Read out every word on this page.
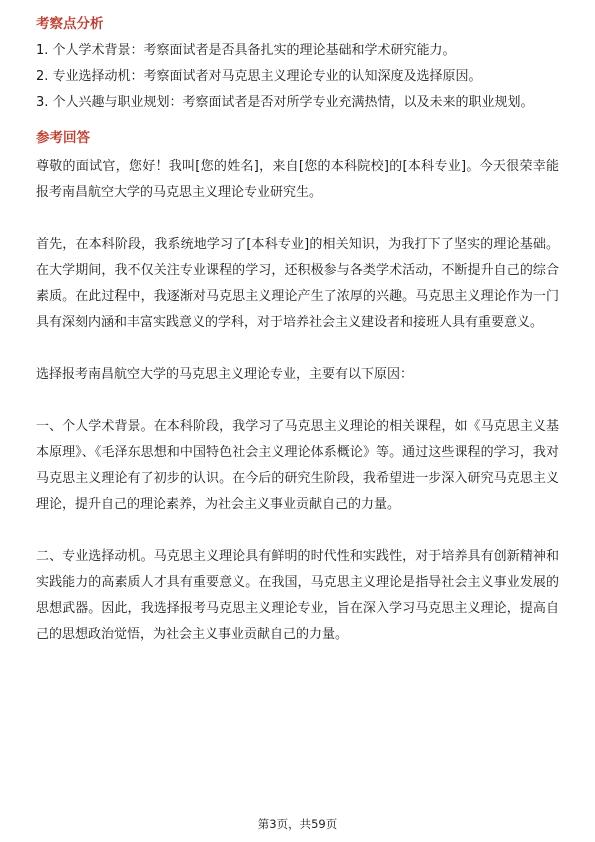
考察点分析
1. 个人学术背景：考察面试者是否具备扎实的理论基础和学术研究能力。
2. 专业选择动机：考察面试者对马克思主义理论专业的认知深度及选择原因。
3. 个人兴趣与职业规划：考察面试者是否对所学专业充满热情，以及未来的职业规划。
参考回答
尊敬的面试官，您好！我叫[您的姓名]，来自[您的本科院校]的[本科专业]。今天很荣幸能报考南昌航空大学的马克思主义理论专业研究生。
首先，在本科阶段，我系统地学习了[本科专业]的相关知识，为我打下了坚实的理论基础。在大学期间，我不仅关注专业课程的学习，还积极参与各类学术活动，不断提升自己的综合素质。在此过程中，我逐渐对马克思主义理论产生了浓厚的兴趣。马克思主义理论作为一门具有深刻内涵和丰富实践意义的学科，对于培养社会主义建设者和接班人具有重要意义。
选择报考南昌航空大学的马克思主义理论专业，主要有以下原因：
一、个人学术背景。在本科阶段，我学习了马克思主义理论的相关课程，如《马克思主义基本原理》、《毛泽东思想和中国特色社会主义理论体系概论》等。通过这些课程的学习，我对马克思主义理论有了初步的认识。在今后的研究生阶段，我希望进一步深入研究马克思主义理论，提升自己的理论素养，为社会主义事业贡献自己的力量。
二、专业选择动机。马克思主义理论具有鲜明的时代性和实践性，对于培养具有创新精神和实践能力的高素质人才具有重要意义。在我国，马克思主义理论是指导社会主义事业发展的思想武器。因此，我选择报考马克思主义理论专业，旨在深入学习马克思主义理论，提高自己的思想政治觉悟，为社会主义事业贡献自己的力量。
第3页，共59页
